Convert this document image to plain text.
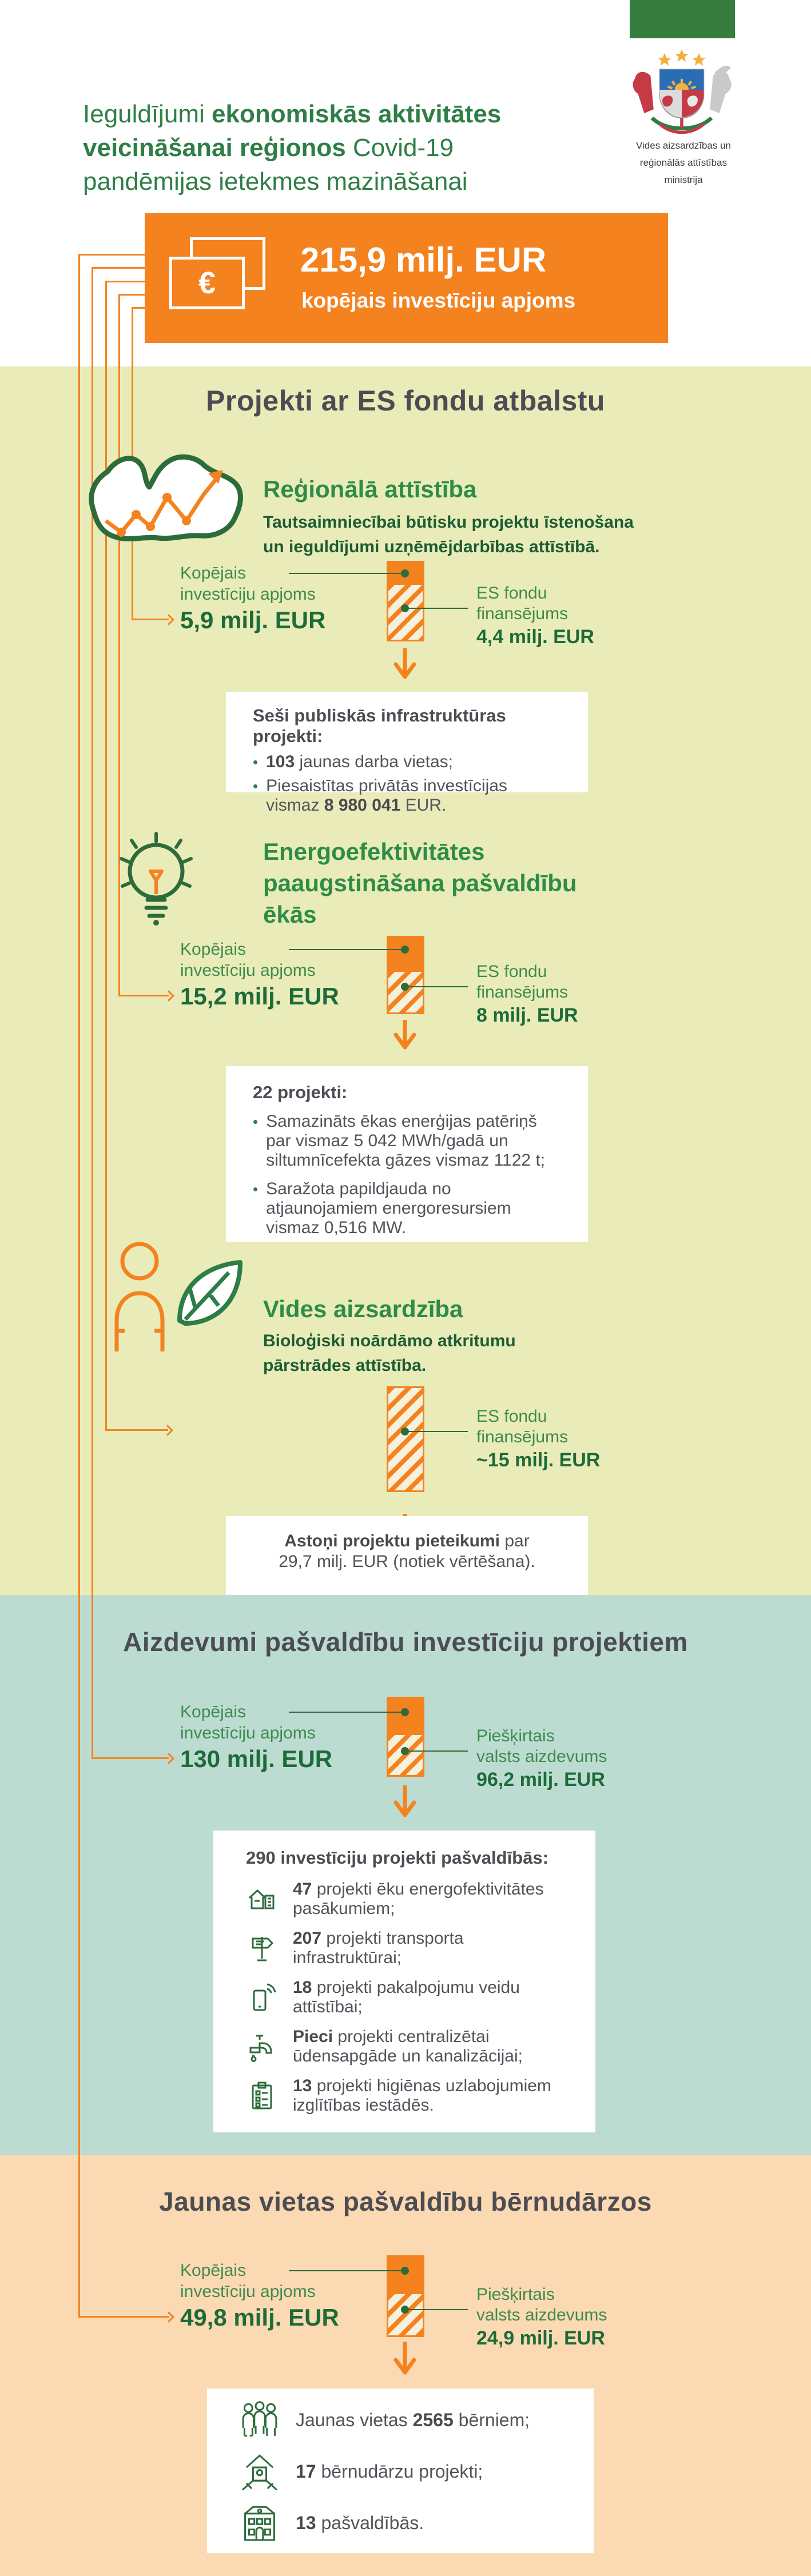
Vides aizsardzības un
reģionālās attīstības
ministrija
Ieguldījumi ekonomiskās aktivitātes
veicināšanai reģionos Covid-19
pandēmijas ietekmes mazināšanai
€
215,9 milj. EUR
kopējais investīciju apjoms
Projekti ar ES fondu atbalstu
Reģionālā attīstība
Tautsaimniecībai būtisku projektu īstenošana
un ieguldījumi uzņēmējdarbības attīstībā.
Kopējais
investīciju apjoms
5,9 milj. EUR
ES fondu
finansējums
4,4 milj. EUR
Seši publiskās infrastruktūras projekti:
• 103 jaunas darba vietas;
• Piesaistītas privātās investīcijas
vismaz 8 980 041 EUR.
Energoefektivitātes
paaugstināšana pašvaldību
ēkās
Kopējais
investīciju apjoms
15,2 milj. EUR
ES fondu
finansējums
8 milj. EUR
22 projekti:
• Samazināts ēkas enerģijas patēriņš
par vismaz 5 042 MWh/gadā un
siltumnīcefekta gāzes vismaz 1122 t;
• Saražota papildjauda no
atjaunojamiem energoresursiem
vismaz 0,516 MW.
Vides aizsardzība
Bioloģiski noārdāmo atkritumu
pārstrādes attīstība.
ES fondu
finansējums
~15 milj. EUR
Astoņi projektu pieteikumi par
29,7 milj. EUR (notiek vērtēšana).
Aizdevumi pašvaldību investīciju projektiem
Kopējais
investīciju apjoms
130 milj. EUR
Piešķirtais
valsts aizdevums
96,2 milj. EUR
290 investīciju projekti pašvaldībās:
47 projekti ēku energofektivitātes
pasākumiem;
207 projekti transporta
infrastruktūrai;
18 projekti pakalpojumu veidu
attīstībai;
Pieci projekti centralizētai
ūdensapgāde un kanalizācijai;
13 projekti higiēnas uzlabojumiem
izglītības iestādēs.
Jaunas vietas pašvaldību bērnudārzos
Kopējais
investīciju apjoms
49,8 milj. EUR
Piešķirtais
valsts aizdevums
24,9 milj. EUR
Jaunas vietas 2565 bērniem;
17 bērnudārzu projekti;
13 pašvaldībās.
